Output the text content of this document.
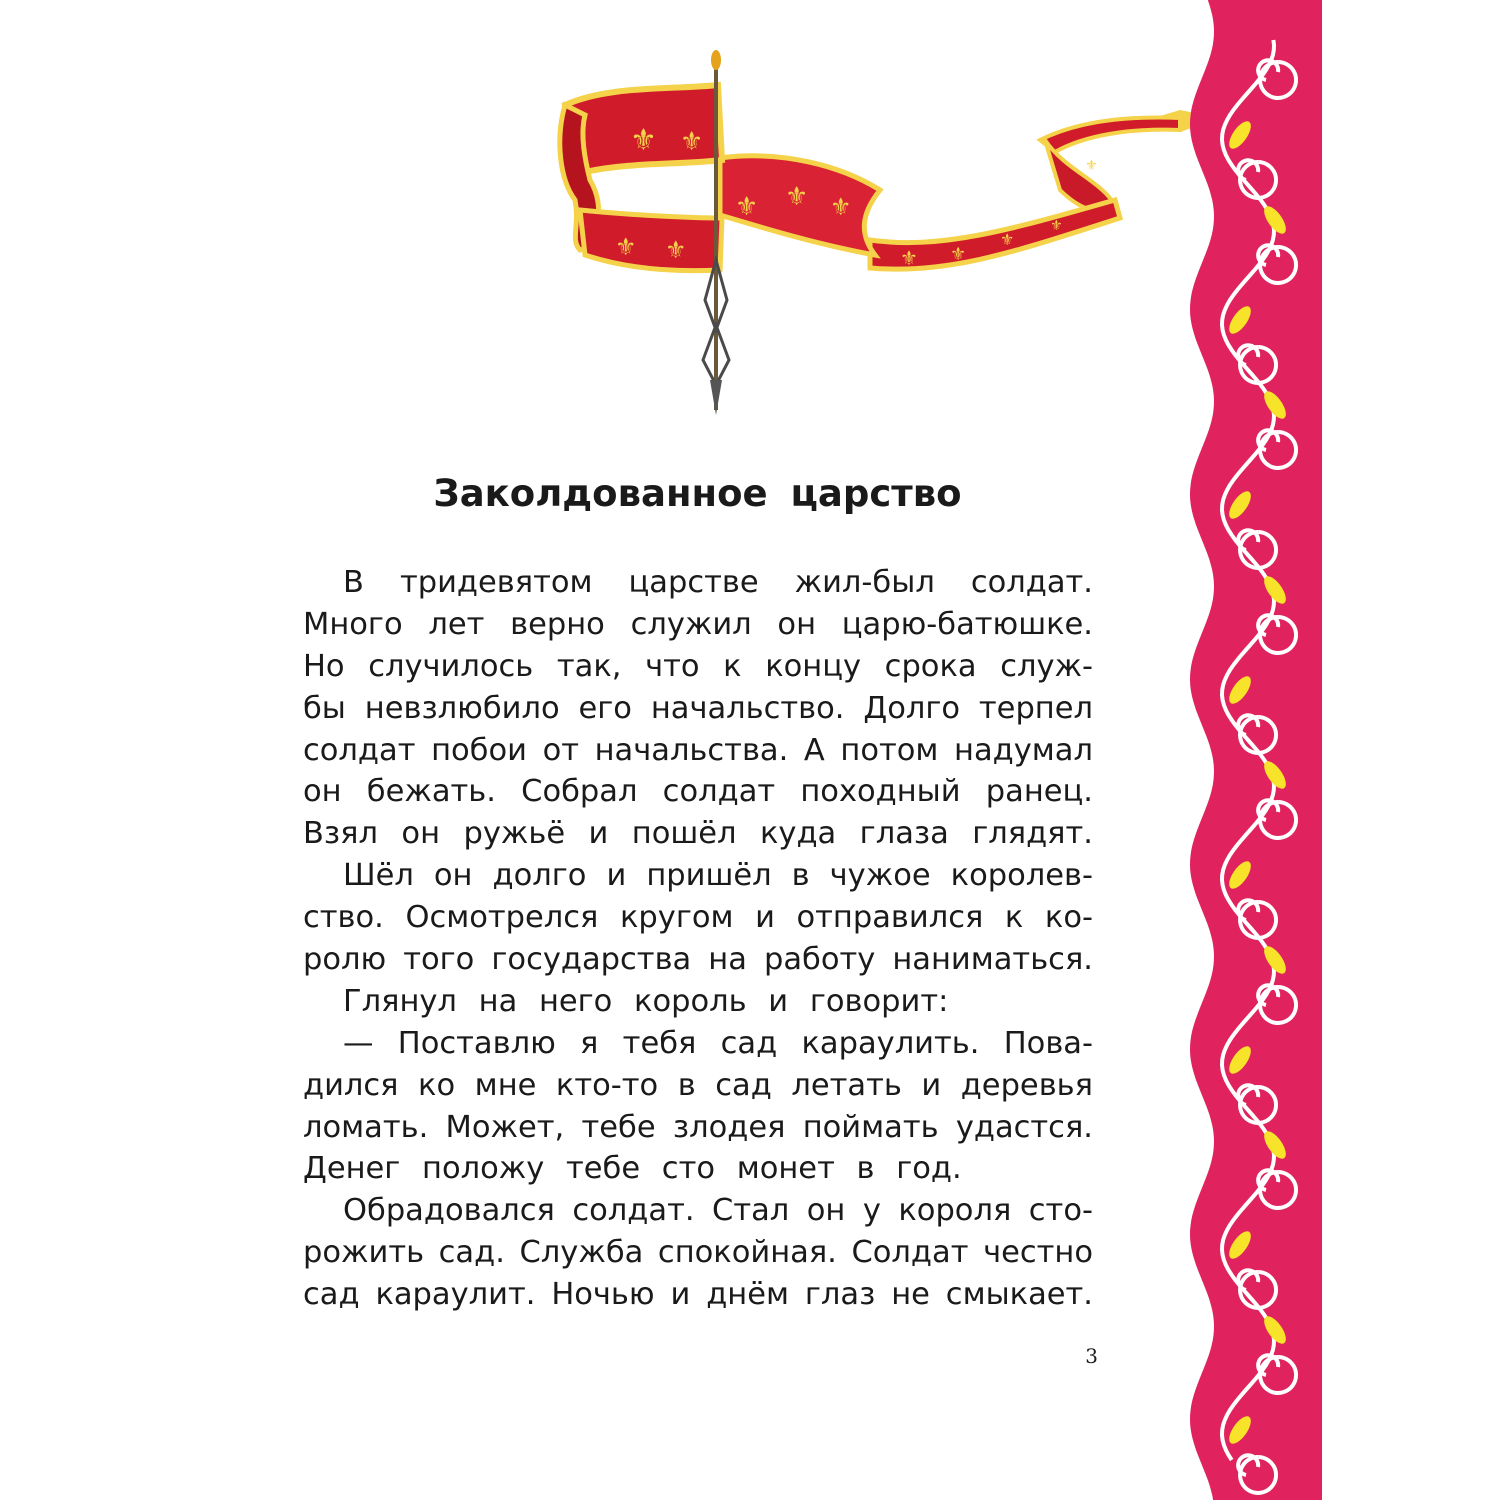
⚜ ⚜
⚜ ⚜
⚜ ⚜ ⚜
⚜ ⚜
⚜
⚜
⚜
Заколдованное царство
В тридевятом царстве жил-был солдат.
Много лет верно служил он царю-батюшке.
Но случилось так, что к концу срока служ-
бы невзлюбило его начальство. Долго терпел
солдат побои от начальства. А потом надумал
он бежать. Собрал солдат походный ранец.
Взял он ружьё и пошёл куда глаза глядят.
Шёл он долго и пришёл в чужое королев-
ство. Осмотрелся кругом и отправился к ко-
ролю того государства на работу наниматься.
Глянул на него король и говорит:
— Поставлю я тебя сад караулить. Пова-
дился ко мне кто-то в сад летать и деревья
ломать. Может, тебе злодея поймать удастся.
Денег положу тебе сто монет в год.
Обрадовался солдат. Стал он у короля сто-
рожить сад. Служба спокойная. Солдат честно
сад караулит. Ночью и днём глаз не смыкает.
3
